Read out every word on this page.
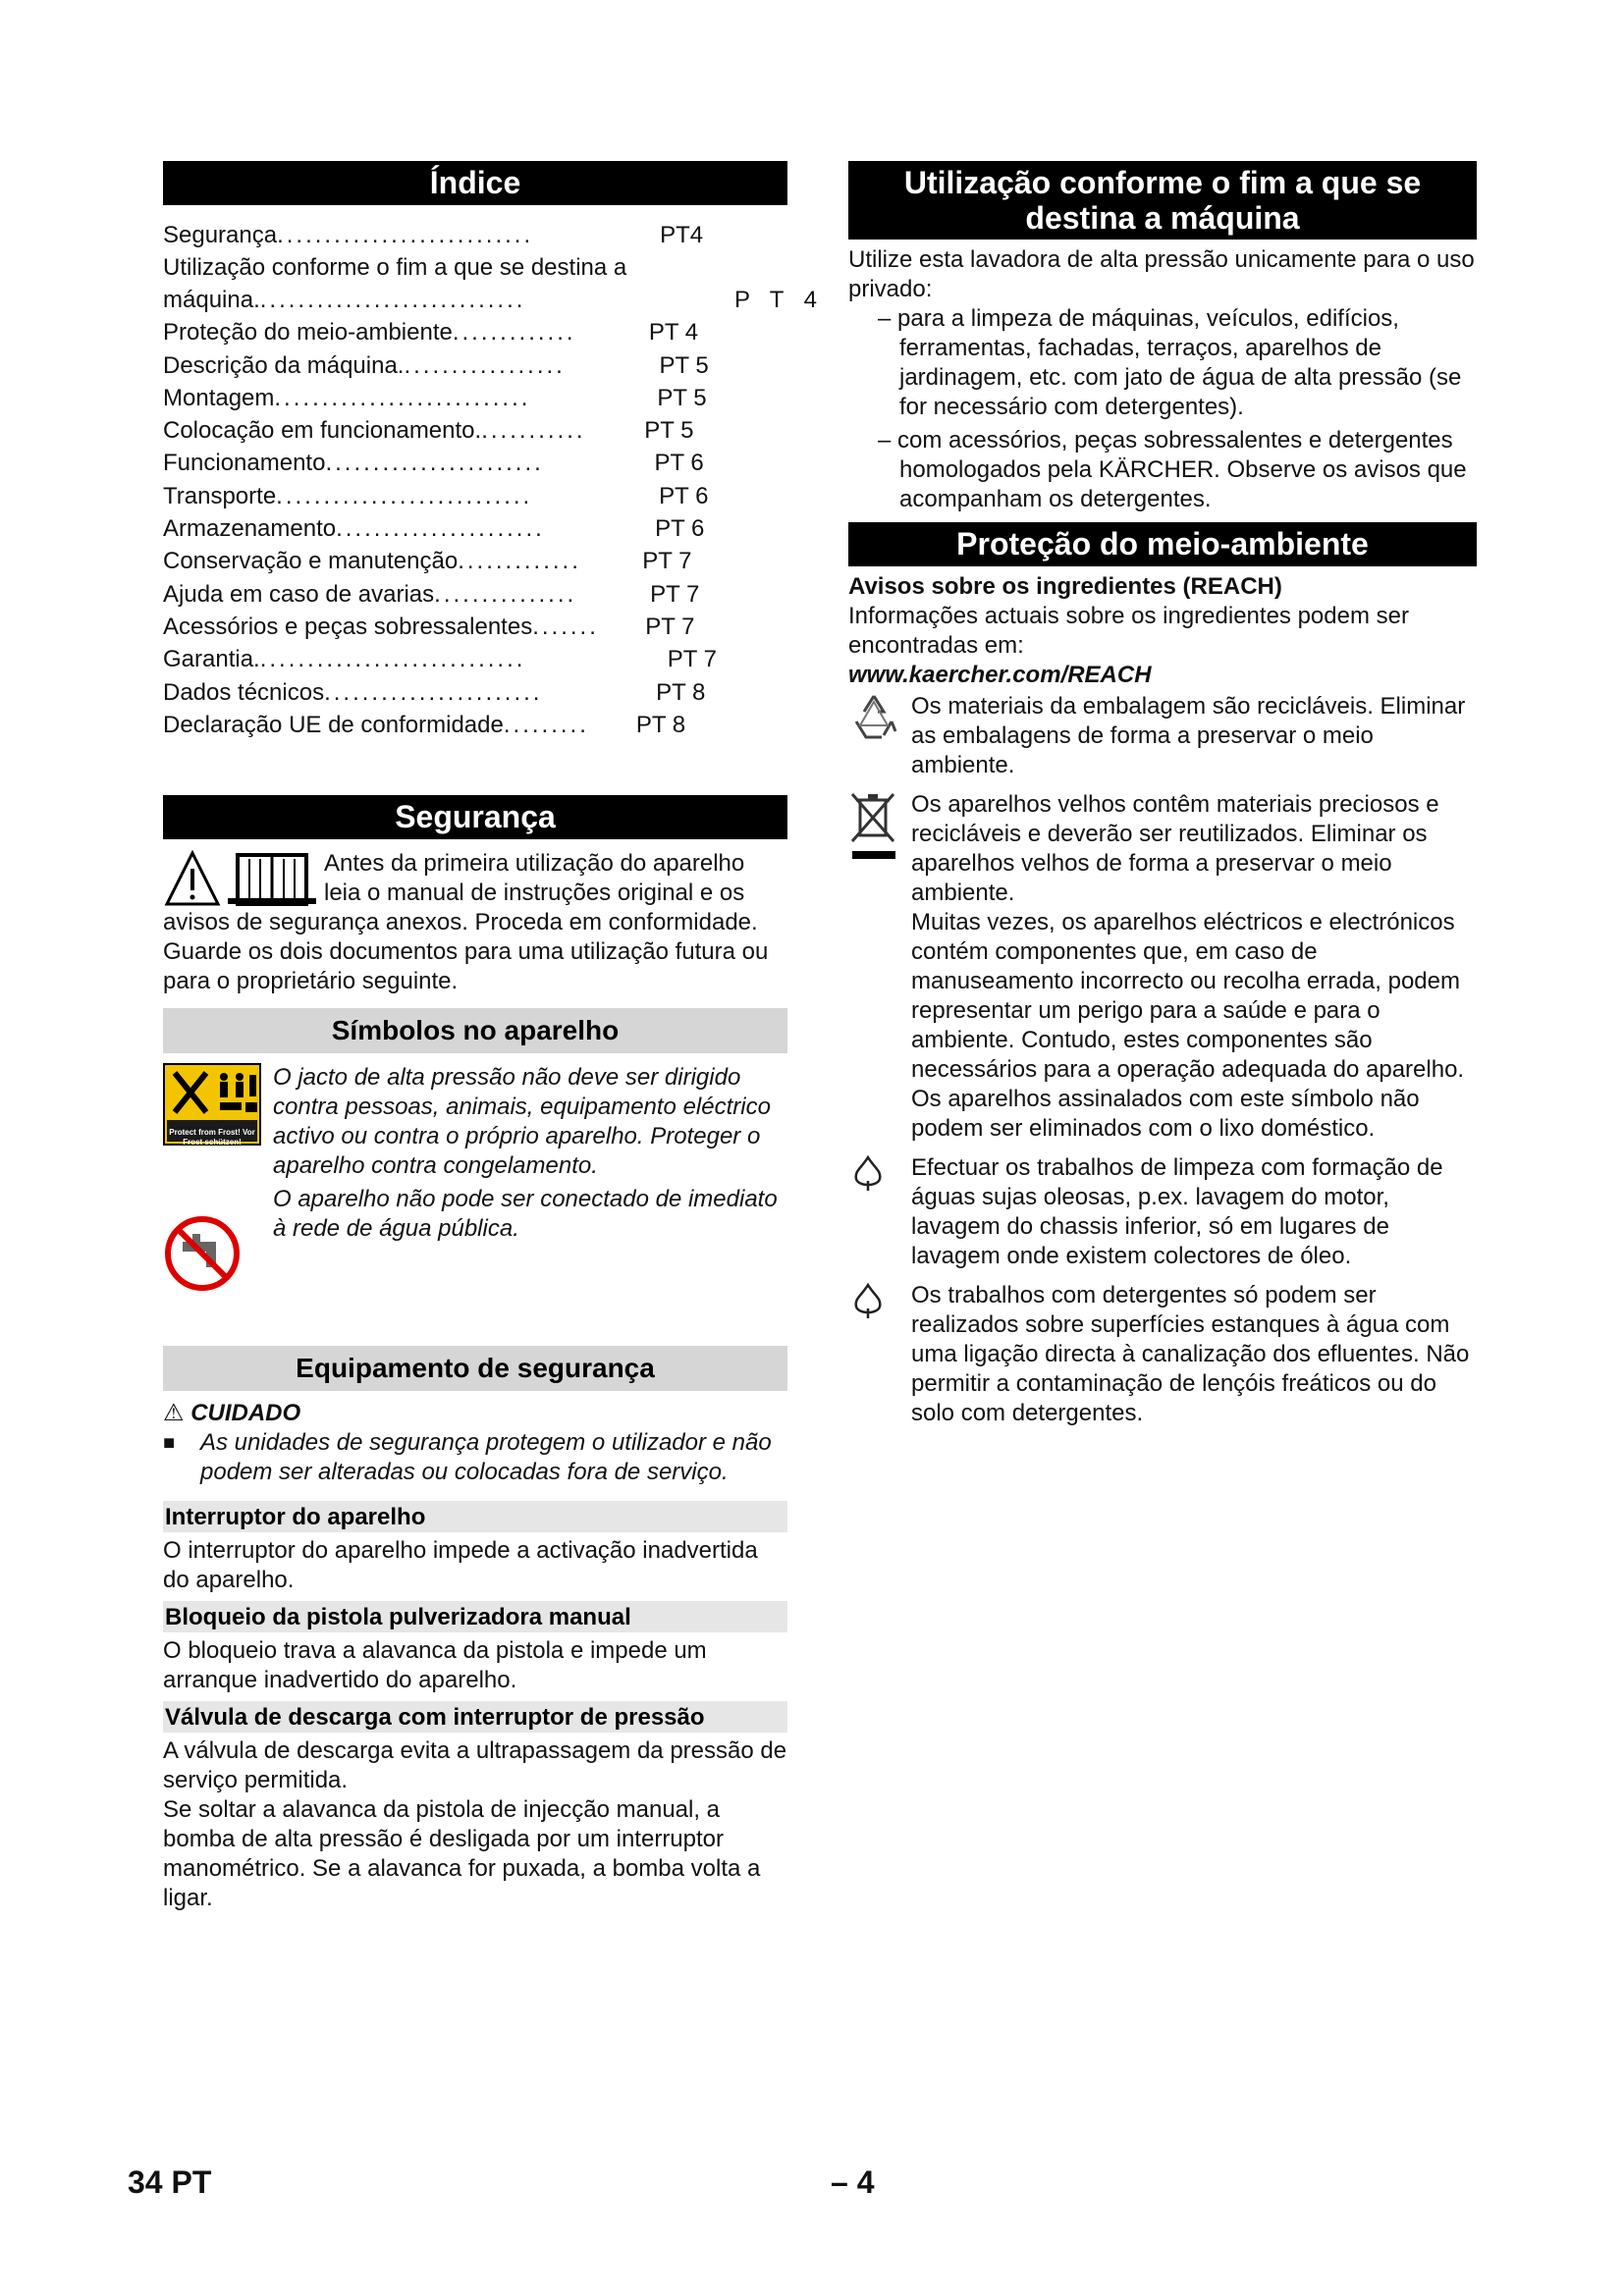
Índice
Segurança ...........................	PT4
Utilização conforme o fim a que se destina a
máquina. ............................	P T 4
Proteção do meio-ambiente .............	PT 4
Descrição da máquina. .................	PT 5
Montagem ...........................	PT 5
Colocação em funcionamento. ...........	PT 5
Funcionamento .......................	PT 6
Transporte ...........................	PT 6
Armazenamento ......................	PT 6
Conservação e manutenção .............	PT 7
Ajuda em caso de avarias ...............	PT 7
Acessórios e peças sobressalentes .......	PT 7
Garantia. ............................	PT 7
Dados técnicos .......................	PT 8
Declaração UE de conformidade .........	PT 8
Segurança

Antes da primeira utilização do aparelho leia o manual de instruções original e os avisos de segurança anexos. Proceda em conformidade. Guarde os dois documentos para uma utilização futura ou para o proprietário seguinte.

Símbolos no aparelho
Protect from Frost! Vor Frost schützen!
O jacto de alta pressão não deve ser dirigido contra pessoas, animais, equipamento eléctrico activo ou contra o próprio aparelho. Proteger o aparelho contra congelamento.
O aparelho não pode ser conectado de imediato à rede de água pública.
Equipamento de segurança
⚠ CUIDADO
■	As unidades de segurança protegem o utilizador e não podem ser alteradas ou colocadas fora de serviço.
Interruptor do aparelho

O interruptor do aparelho impede a activação inadvertida do aparelho.

Bloqueio da pistola pulverizadora manual

O bloqueio trava a alavanca da pistola e impede um arranque inadvertido do aparelho.

Válvula de descarga com interruptor de pressão

A válvula de descarga evita a ultrapassagem da pressão de serviço permitida.

Se soltar a alavanca da pistola de injecção manual, a bomba de alta pressão é desligada por um interruptor manométrico. Se a alavanca for puxada, a bomba volta a ligar.

Utilização conforme o fim a que se destina a máquina

Utilize esta lavadora de alta pressão unicamente para o uso privado:

– para a limpeza de máquinas, veículos, edifícios, ferramentas, fachadas, terraços, aparelhos de jardinagem, etc. com jato de água de alta pressão (se for necessário com detergentes).

– com acessórios, peças sobressalentes e detergentes homologados pela KÄRCHER. Observe os avisos que acompanham os detergentes.

Proteção do meio-ambiente

Avisos sobre os ingredientes (REACH)

Informações actuais sobre os ingredientes podem ser encontradas em:

www.kaercher.com/REACH

Os materiais da embalagem são recicláveis. Eliminar as embalagens de forma a preservar o meio ambiente.

Os aparelhos velhos contêm materiais preciosos e recicláveis e deverão ser reutilizados. Eliminar os aparelhos velhos de forma a preservar o meio ambiente.

Muitas vezes, os aparelhos eléctricos e electrónicos contém componentes que, em caso de manuseamento incorrecto ou recolha errada, podem representar um perigo para a saúde e para o ambiente. Contudo, estes componentes são necessários para a operação adequada do aparelho. Os aparelhos assinalados com este símbolo não podem ser eliminados com o lixo doméstico.

Efectuar os trabalhos de limpeza com formação de águas sujas oleosas, p.ex. lavagem do motor, lavagem do chassis inferior, só em lugares de lavagem onde existem colectores de óleo.
Os trabalhos com detergentes só podem ser realizados sobre superfícies estanques à água com uma ligação directa à canalização dos efluentes. Não permitir a contaminação de lençóis freáticos ou do solo com detergentes.
34 PT	– 4
